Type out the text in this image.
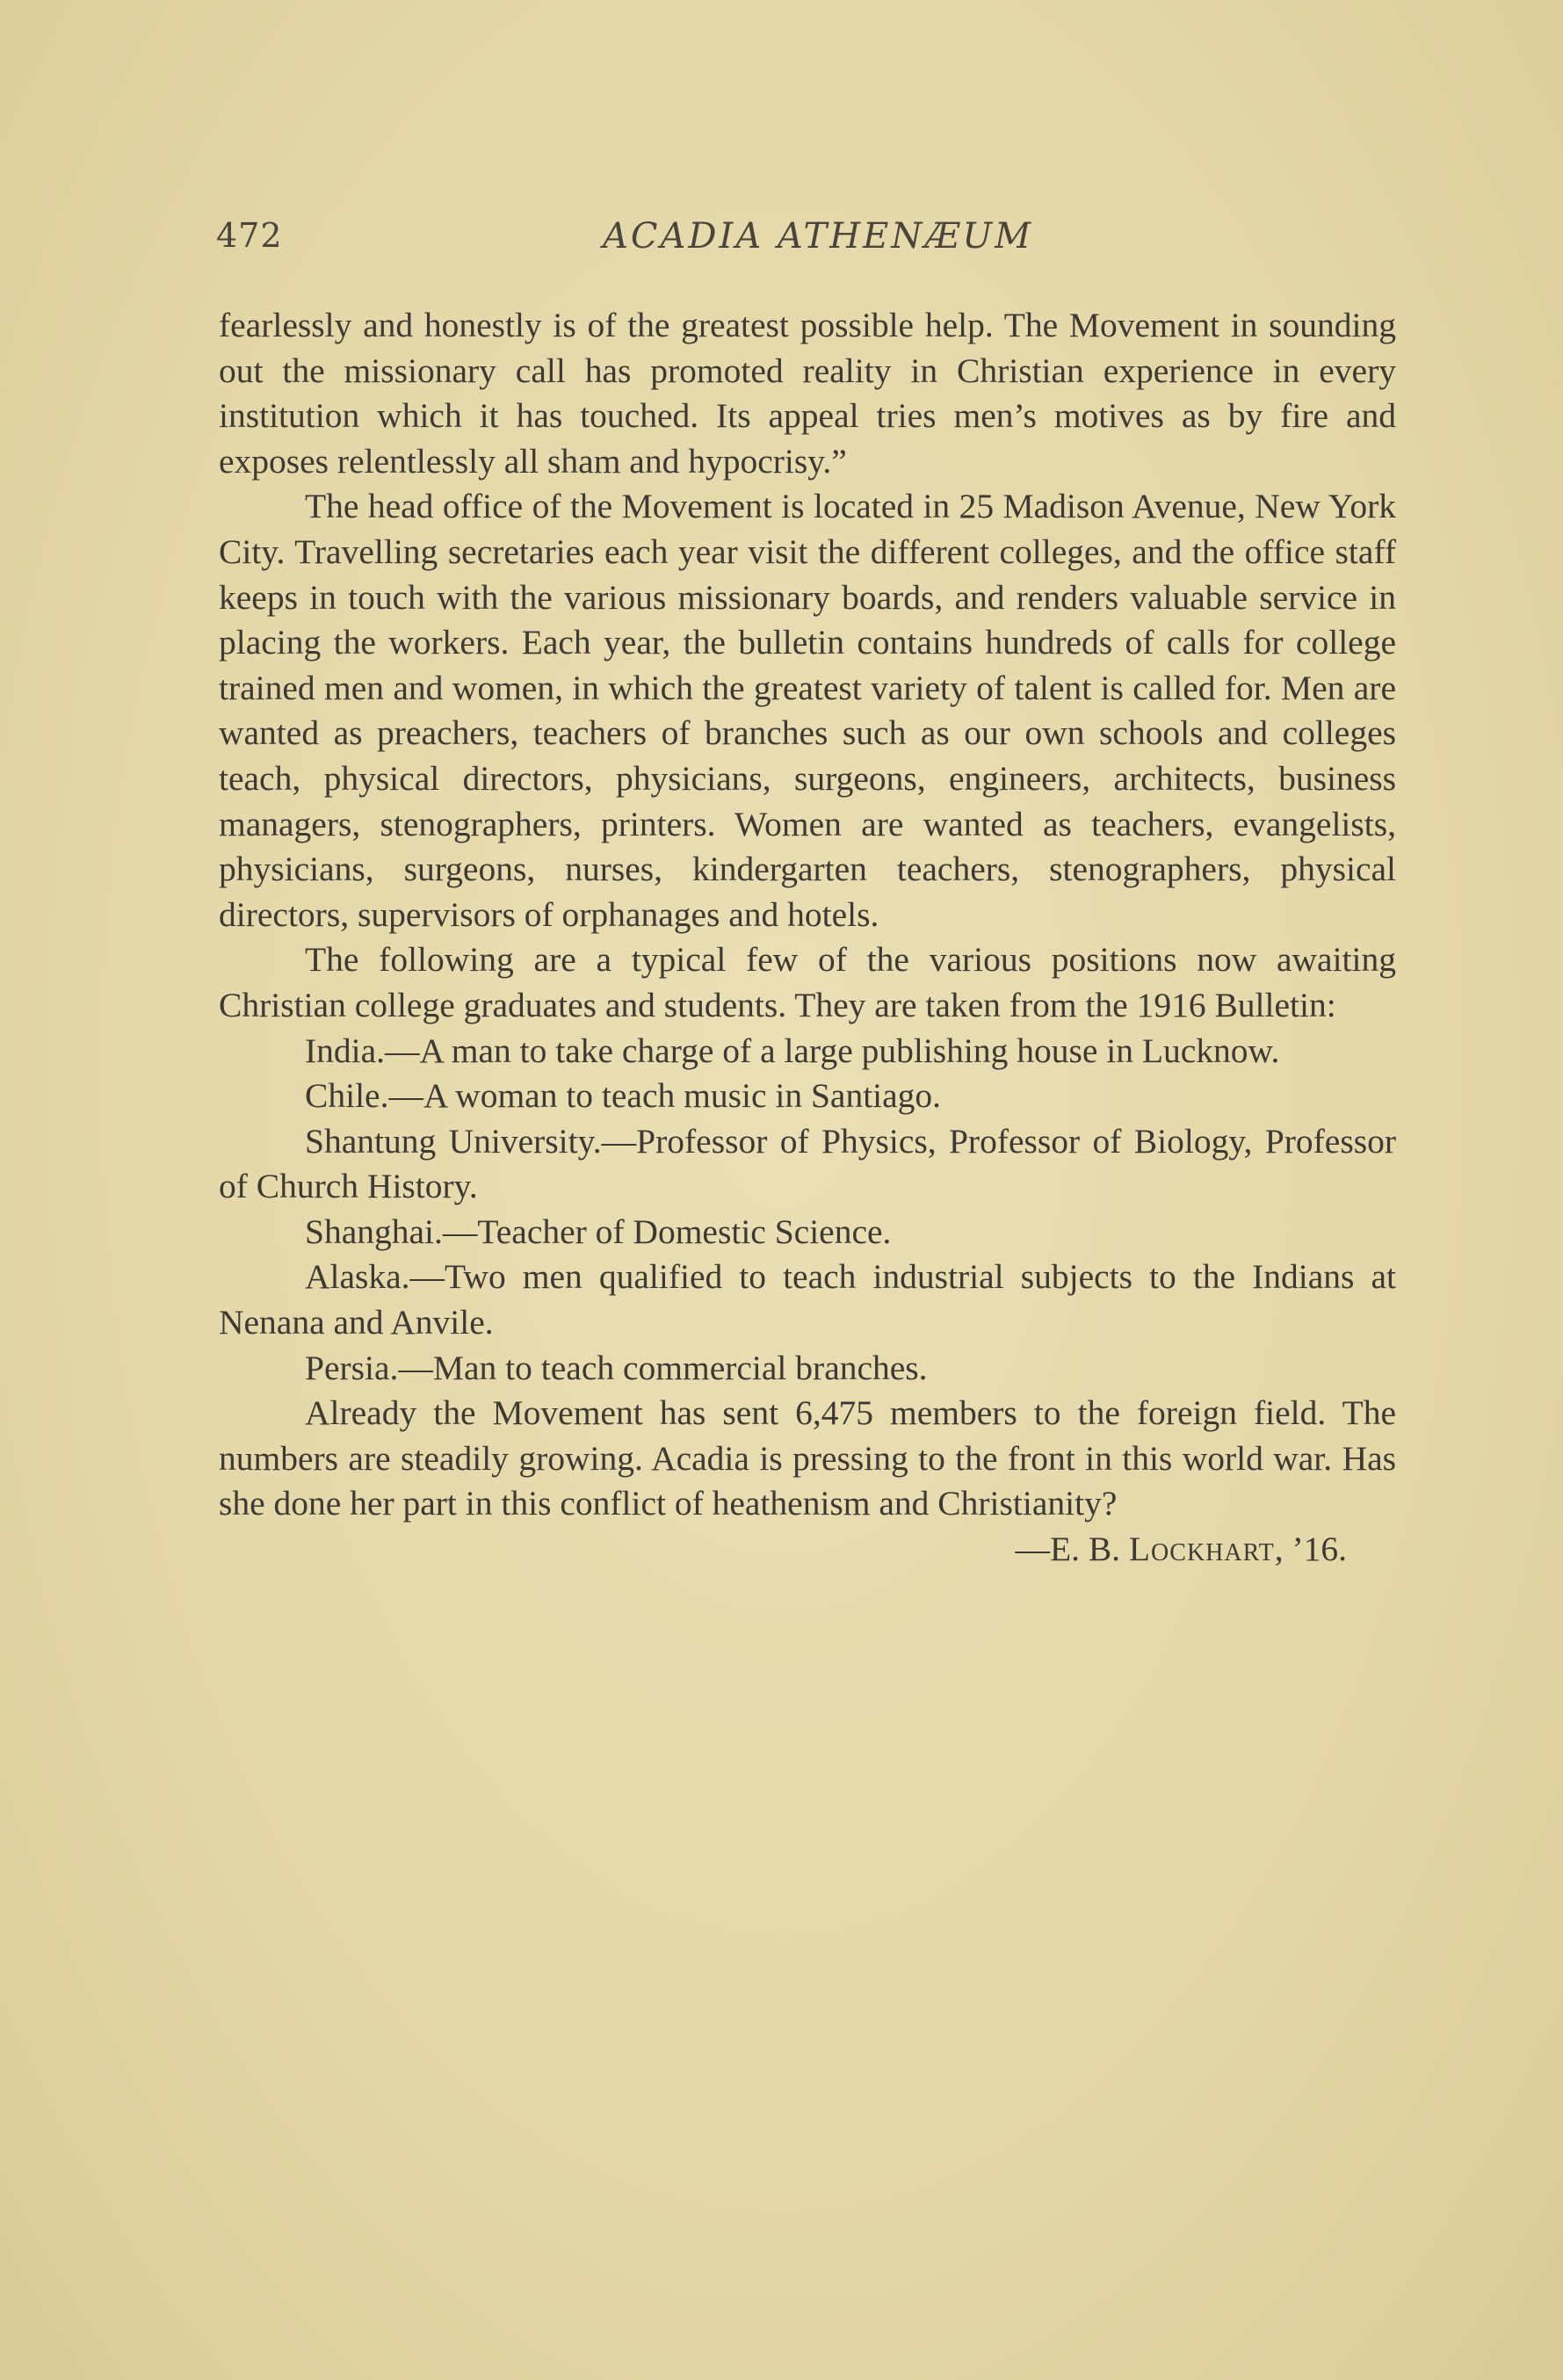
472	ACADIA ATHENÆUM

fearlessly and honestly is of the greatest possible help. The Movement in sounding out the missionary call has promoted reality in Christian experience in every institution which it has touched. Its appeal tries men’s motives as by fire and exposes relentlessly all sham and hypocrisy.”

The head office of the Movement is located in 25 Madison Avenue, New York City. Travelling secretaries each year visit the different colleges, and the office staff keeps in touch with the various missionary boards, and renders valuable service in placing the workers. Each year, the bulletin contains hundreds of calls for college trained men and women, in which the greatest variety of talent is called for. Men are wanted as preachers, teachers of branches such as our own schools and colleges teach, physical directors, physicians, surgeons, engineers, architects, business managers, stenographers, printers. Women are wanted as teachers, evangelists, physicians, surgeons, nurses, kindergarten teachers, stenographers, physical directors, supervisors of orphanages and hotels.

The following are a typical few of the various positions now awaiting Christian college graduates and students. They are taken from the 1916 Bulletin:

India.—A man to take charge of a large publishing house in Lucknow.

Chile.—A woman to teach music in Santiago.

Shantung University.—Professor of Physics, Professor of Biology, Professor of Church History.

Shanghai.—Teacher of Domestic Science.

Alaska.—Two men qualified to teach industrial subjects to the Indians at Nenana and Anvile.

Persia.—Man to teach commercial branches.

Already the Movement has sent 6,475 members to the foreign field. The numbers are steadily growing. Acadia is pressing to the front in this world war. Has she done her part in this conflict of heathenism and Christianity?

—E. B. Lockhart, ’16.
